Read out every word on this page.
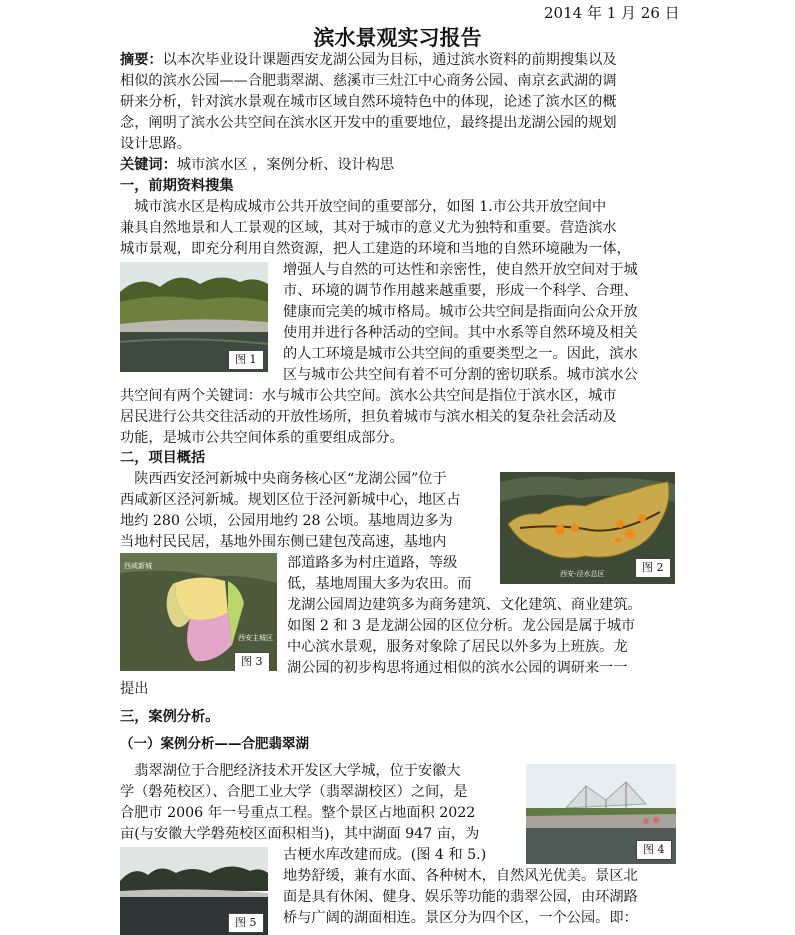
2014 年 1 月 26 日
滨水景观实习报告
摘要：以本次毕业设计课题西安龙湖公园为目标，通过滨水资料的前期搜集以及
相似的滨水公园——合肥翡翠湖、慈溪市三灶江中心商务公园、南京玄武湖的调
研来分析，针对滨水景观在城市区域自然环境特色中的体现，论述了滨水区的概
念，阐明了滨水公共空间在滨水区开发中的重要地位，最终提出龙湖公园的规划
设计思路。
关键词：城市滨水区 ，案例分析、设计构思
一，前期资料搜集
　城市滨水区是构成城市公共开放空间的重要部分，如图 1.市公共开放空间中
兼具自然地景和人工景观的区域，其对于城市的意义尤为独特和重要。营造滨水
城市景观，即充分利用自然资源，把人工建造的环境和当地的自然环境融为一体，
图 1
增强人与自然的可达性和亲密性，使自然开放空间对于城
市、环境的调节作用越来越重要，形成一个科学、合理、
健康而完美的城市格局。城市公共空间是指面向公众开放
使用并进行各种活动的空间。其中水系等自然环境及相关
的人工环境是城市公共空间的重要类型之一。因此，滨水
区与城市公共空间有着不可分割的密切联系。城市滨水公
共空间有两个关键词：水与城市公共空间。滨水公共空间是指位于滨水区，城市
居民进行公共交往活动的开放性场所，担负着城市与滨水相关的复杂社会活动及
功能，是城市公共空间体系的重要组成部分。
二，项目概括
　陕西西安泾河新城中央商务核心区“龙湖公园”位于
西咸新区泾河新城。规划区位于泾河新城中心，地区占
地约 280 公顷，公园用地约 28 公顷。基地周边多为
当地村民民居，基地外围东侧已建包茂高速，基地内
西安-泾水总区	图 2
西咸新城
西安主城区
图 3
部道路多为村庄道路，等级
低，基地周围大多为农田。而
龙湖公园周边建筑多为商务建筑、文化建筑、商业建筑。
如图 2 和 3 是龙湖公园的区位分析。龙公园是属于城市
中心滨水景观，服务对象除了居民以外多为上班族。龙
湖公园的初步构思将通过相似的滨水公园的调研来一一
提出
三，案例分析。
（一）案例分析——合肥翡翠湖
　翡翠湖位于合肥经济技术开发区大学城，位于安徽大
学（磐苑校区）、合肥工业大学（翡翠湖校区）之间，是
合肥市 2006 年一号重点工程。整个景区占地面积 2022
亩(与安徽大学磐苑校区面积相当)，其中湖面 947 亩，为
图 4
图 5
古梗水库改建而成。(图 4 和 5.)
地势舒缓，兼有水面、各种树木，自然风光优美。景区北
面是具有休闲、健身、娱乐等功能的翡翠公园，由环湖路
桥与广阔的湖面相连。景区分为四个区，一个公园。即：
